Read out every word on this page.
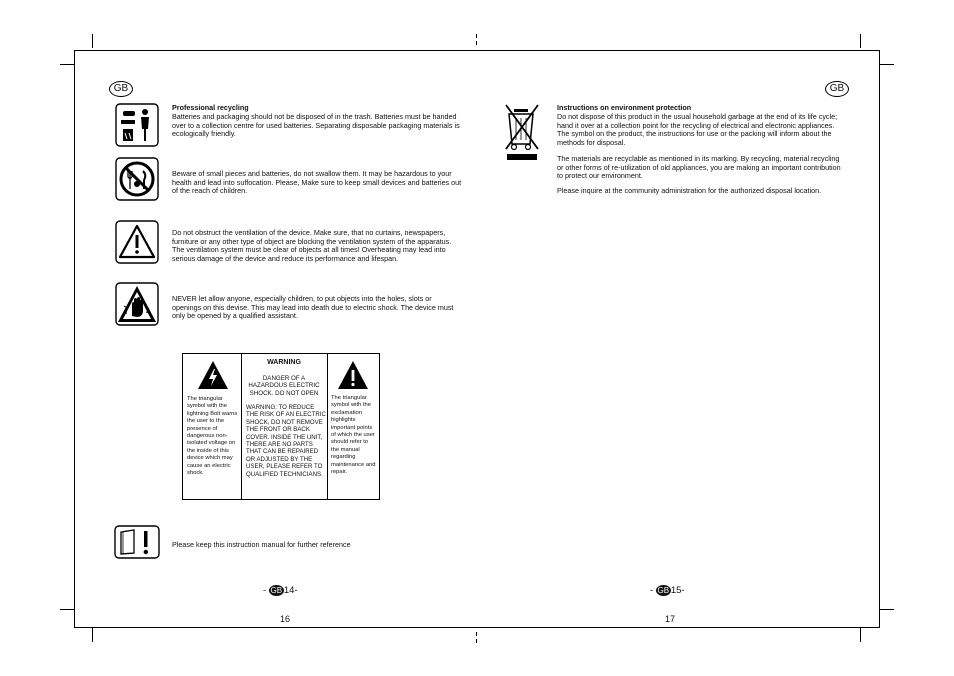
GB
Professional recycling
Batteries and packaging should not be disposed of in the trash. Batteries must be handed over to a collection centre for used batteries. Separating disposable packaging materials is ecologically friendly.
Beware of small pieces and batteries, do not swallow them. It may be hazardous to your health and lead into suffocation. Please, Make sure to keep small devices and batteries out of the reach of children.
Do not obstruct the ventilation of the device. Make sure, that no curtains, newspapers, furniture or any other type of object are blocking the ventilation system of the apparatus. The ventilation system must be clear of objects at all times! Overheating may lead into serious damage of the device and reduce its performance and lifespan.
NEVER let allow anyone, especially children, to put objects into the holes, slots or openings on this devise. This may lead into death due to electric shock. The device must only be opened by a qualified assistant.
The triangular symbol with the lightning Bolt warns the user to the presence of dangerous non-isolated voltage on the inside of this device which may cause an electric shock.
WARNING
DANGER OF A HAZARDOUS ELECTRIC SHOCK. DO NOT OPEN
WARNING: TO REDUCE THE RISK OF AN ELECTRIC SHOCK, DO NOT REMOVE THE FRONT OR BACK COVER. INSIDE THE UNIT, THERE ARE NO PARTS THAT CAN BE REPAIRED OR ADJUSTED BY THE USER, PLEASE REFER TO QUALIFIED TECHNICIANS.
The triangular symbol with the exclamation highlights important points of which the user should refer to the manual regarding maintenance and repair.
Please keep this instruction manual for further reference
- GB 14-
16
GB
Instructions on environment protection
Do not dispose of this product in the usual household garbage at the end of its life cycle; hand it over at a collection point for the recycling of electrical and electronic appliances. The symbol on the product, the instructions for use or the packing will inform about the methods for disposal.
The materials are recyclable as mentioned in its marking. By recycling, material recycling or other forms of re-utilization of old appliances, you are making an important contribution to protect our environment.
Please inquire at the community administration for the authorized disposal location.
- GB 15-
17
